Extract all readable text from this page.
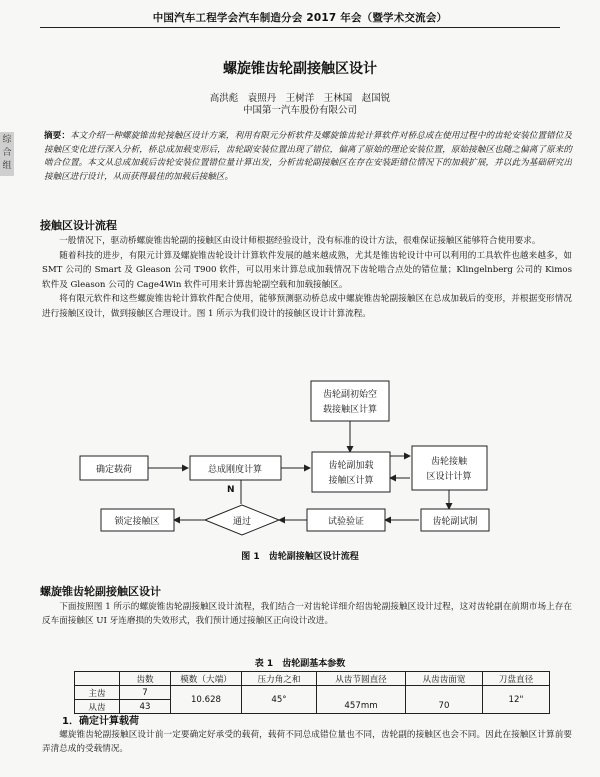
中国汽车工程学会汽车制造分会 2017 年会（暨学术交流会）
综合组
螺旋锥齿轮副接触区设计
高洪彪　袁照丹　王树洋　王林国　赵国锐
中国第一汽车股份有限公司
摘要：本文介绍一种螺旋锥齿轮接触区设计方案，利用有限元分析软件及螺旋锥齿轮计算软件对桥总成在使用过程中的齿轮安装位置错位及接触区变化进行深入分析，桥总成加载变形后，齿轮副安装位置出现了错位，偏离了原始的理论安装位置，原始接触区也随之偏离了原来的啮合位置。本文从总成加载后齿轮安装位置错位量计算出发，分析齿轮副接触区在存在安装距错位情况下的加载扩展，并以此为基础研究出接触区进行设计，从而获得最佳的加载后接触区。
接触区设计流程
一般情况下，驱动桥螺旋锥齿轮副的接触区由设计师根据经验设计，没有标准的设计方法，很难保证接触区能够符合使用要求。
随着科技的进步，有限元计算及螺旋锥齿轮设计计算软件发展的越来越成熟，尤其是锥齿轮设计中可以利用的工具软件也越来越多，如 SMT 公司的 Smart 及 Gleason 公司 T900 软件，可以用来计算总成加载情况下齿轮啮合点处的错位量；Klingelnberg 公司的 Kimos 软件及 Gleason 公司的 Cage4Win 软件可用来计算齿轮副空载和加载接触区。
将有限元软件和这些螺旋锥齿轮计算软件配合使用，能够预测驱动桥总成中螺旋锥齿轮副接触区在总成加载后的变形，并根据变形情况进行接触区设计，做到接触区合理设计。图 1 所示为我们设计的接触区设计计算流程。
齿轮副初始空
载接触区计算
确定载荷	总成刚度计算	齿轮副加载
接触区计算
齿轮接触
区设计计算
齿轮副试制
试验验证
通过
N
锁定接触区
图 1　齿轮副接触区设计流程
螺旋锥齿轮副接触区设计
下面按照图 1 所示的螺旋锥齿轮副接触区设计流程，我们结合一对齿轮详细介绍齿轮副接触区设计过程，这对齿轮副在前期市场上存在反车面接触区 UI 牙连磨损的失效形式，我们预计通过接触区正向设计改进。
表 1　齿轮副基本参数
	齿数	模数（大端）	压力角之和	从齿节圆直径	从齿齿面宽	刀盘直径
主齿	7	10.628	45°			12"
从齿	43			457mm	70	
1．确定计算载荷
螺旋锥齿轮副接触区设计前一定要确定好承受的载荷，载荷不同总成错位量也不同，齿轮副的接触区也会不同。因此在接触区计算前要弄清总成的受载情况。
